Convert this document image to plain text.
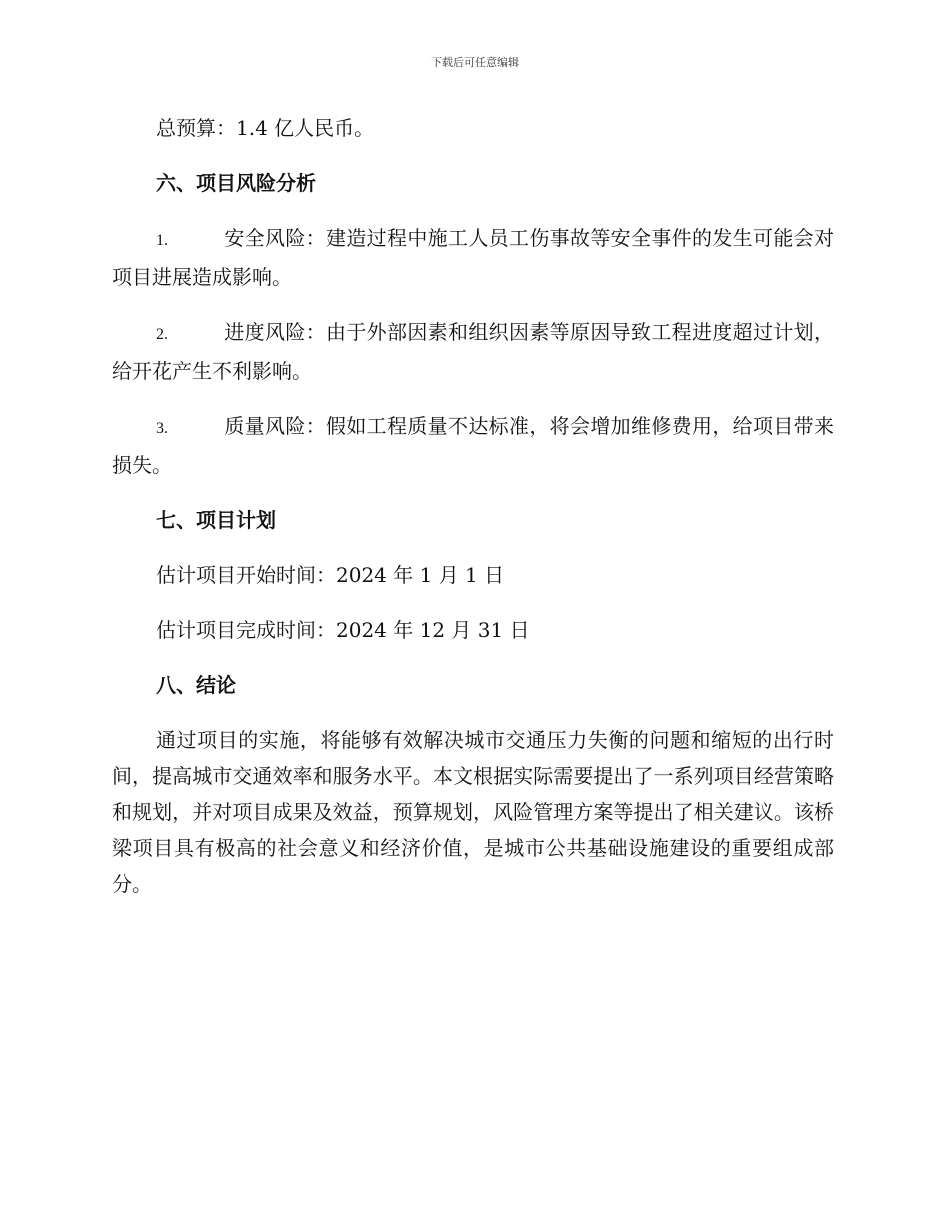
下载后可任意编辑

总预算：1.4 亿人民币。

六、项目风险分析

1.	安全风险：建造过程中施工人员工伤事故等安全事件的发生可能会对项目进展造成影响。

2.	进度风险：由于外部因素和组织因素等原因导致工程进度超过计划，给开花产生不利影响。

3.	质量风险：假如工程质量不达标准，将会增加维修费用，给项目带来损失。

七、项目计划

估计项目开始时间：2024 年 1 月 1 日

估计项目完成时间：2024 年 12 月 31 日

八、结论

通过项目的实施，将能够有效解决城市交通压力失衡的问题和缩短的出行时间，提高城市交通效率和服务水平。本文根据实际需要提出了一系列项目经营策略和规划，并对项目成果及效益，预算规划，风险管理方案等提出了相关建议。该桥梁项目具有极高的社会意义和经济价值，是城市公共基础设施建设的重要组成部分。
